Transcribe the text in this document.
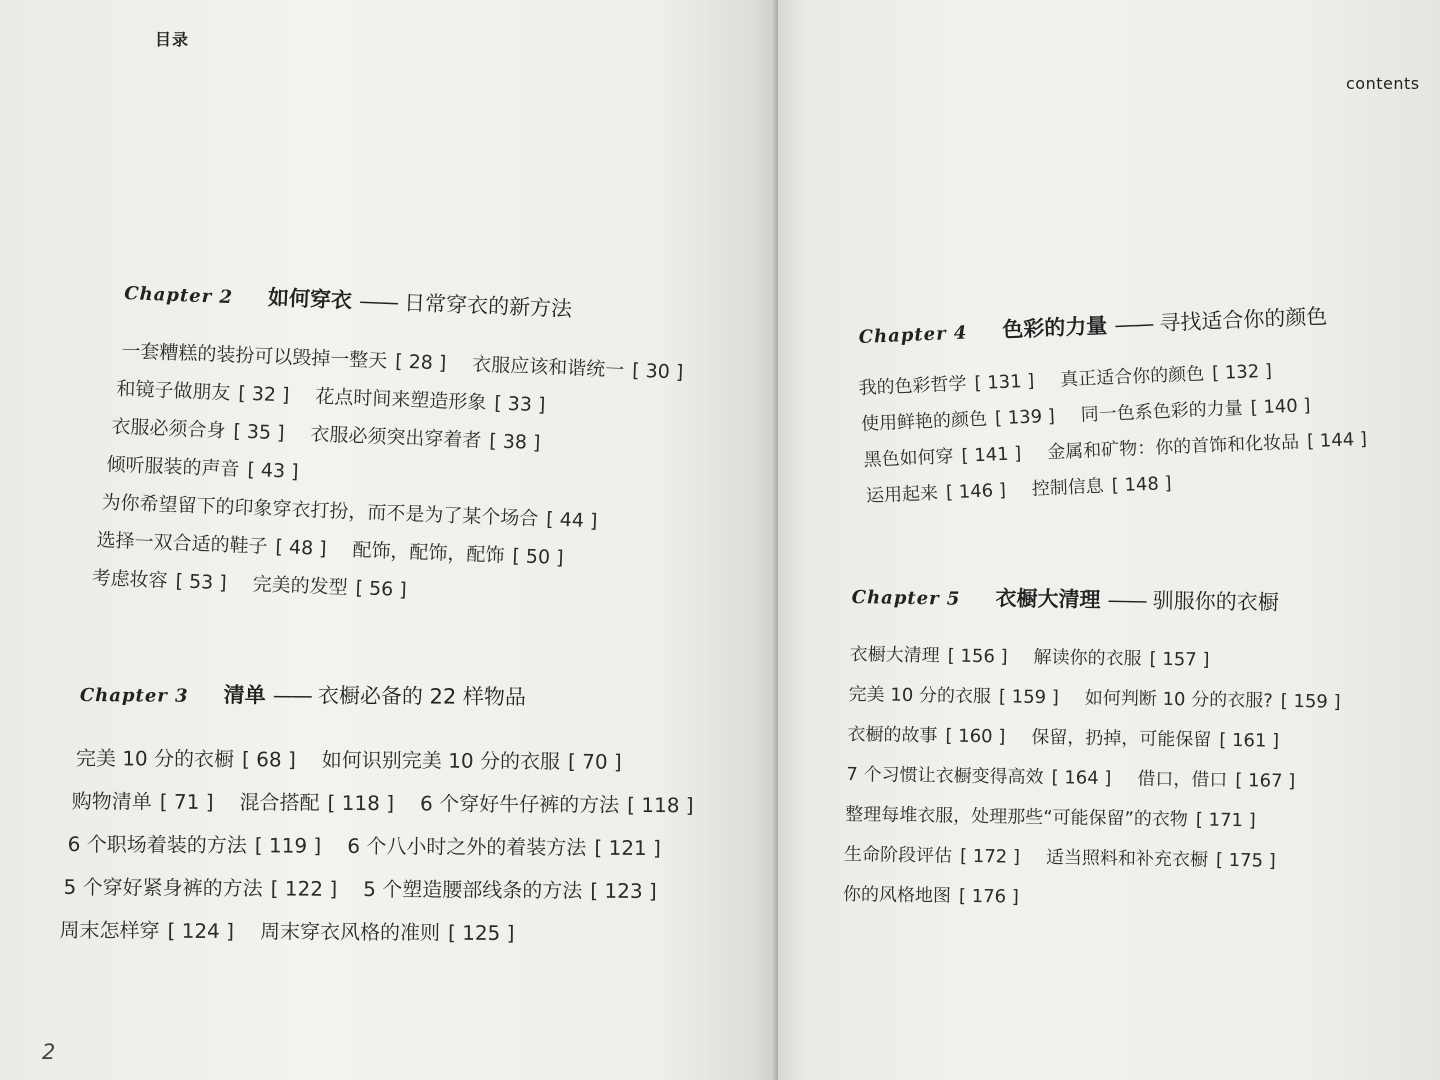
目录
Chapter 2 如何穿衣 —— 日常穿衣的新方法
一套糟糕的装扮可以毁掉一整天 [ 28 ] 衣服应该和谐统一 [ 30 ]
和镜子做朋友 [ 32 ] 花点时间来塑造形象 [ 33 ]
衣服必须合身 [ 35 ] 衣服必须突出穿着者 [ 38 ]
倾听服装的声音 [ 43 ]
为你希望留下的印象穿衣打扮，而不是为了某个场合 [ 44 ]
选择一双合适的鞋子 [ 48 ] 配饰，配饰，配饰 [ 50 ]
考虑妆容 [ 53 ] 完美的发型 [ 56 ]
Chapter 3 清单 —— 衣橱必备的 22 样物品
完美 10 分的衣橱 [ 68 ] 如何识别完美 10 分的衣服 [ 70 ]
购物清单 [ 71 ] 混合搭配 [ 118 ] 6 个穿好牛仔裤的方法 [ 118 ]
6 个职场着装的方法 [ 119 ] 6 个八小时之外的着装方法 [ 121 ]
5 个穿好紧身裤的方法 [ 122 ] 5 个塑造腰部线条的方法 [ 123 ]
周末怎样穿 [ 124 ] 周末穿衣风格的准则 [ 125 ]
2
contents
Chapter 4 色彩的力量 —— 寻找适合你的颜色
我的色彩哲学 [ 131 ] 真正适合你的颜色 [ 132 ]
使用鲜艳的颜色 [ 139 ] 同一色系色彩的力量 [ 140 ]
黑色如何穿 [ 141 ] 金属和矿物：你的首饰和化妆品 [ 144 ]
运用起来 [ 146 ] 控制信息 [ 148 ]
Chapter 5 衣橱大清理 —— 驯服你的衣橱
衣橱大清理 [ 156 ] 解读你的衣服 [ 157 ]
完美 10 分的衣服 [ 159 ] 如何判断 10 分的衣服? [ 159 ]
衣橱的故事 [ 160 ] 保留，扔掉，可能保留 [ 161 ]
7 个习惯让衣橱变得高效 [ 164 ] 借口，借口 [ 167 ]
整理每堆衣服，处理那些“可能保留”的衣物 [ 171 ]
生命阶段评估 [ 172 ] 适当照料和补充衣橱 [ 175 ]
你的风格地图 [ 176 ]
